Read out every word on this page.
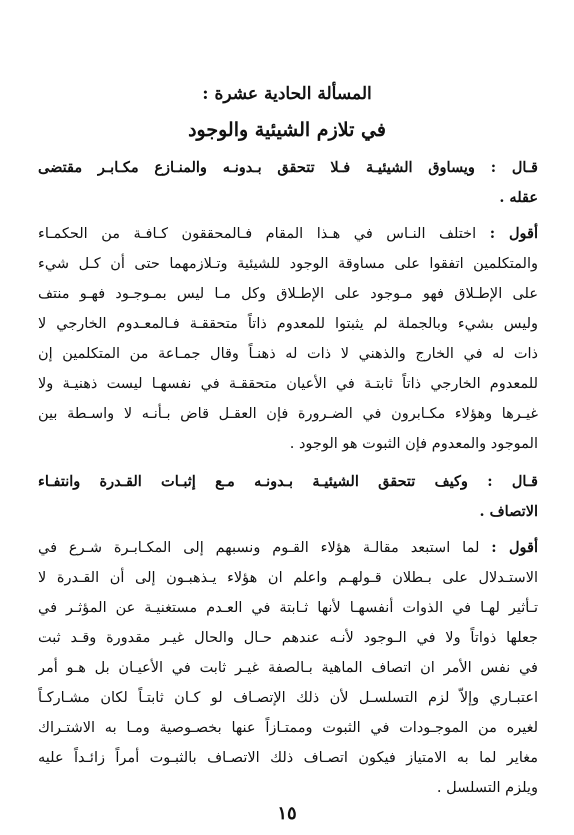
المسألة الحادية عشرة :
في تلازم الشيئية والوجود
قـال : ويساوق الشيئيـة فـلا تتحقق بـدونـه والمنـازع مكـابـر مقتضى
عقله .
أقول : اختلف النـاس في هـذا المقام فـالمحققون كـافـة من الحكمـاء
والمتكلمين اتفقوا على مساوقة الوجود للشيئية وتـلازمهما حتى أن كـل شيء
على الإطـلاق فهو مـوجود على الإطـلاق وكل مـا ليس بمـوجـود فهـو منتف
وليس بشيء وبالجملة لم يثبتوا للمعدوم ذاتاً متحققـة فـالمعـدوم الخارجي لا
ذات له في الخارج والذهني لا ذات له ذهنـاً وقال جمـاعة من المتكلمين إن
للمعدوم الخارجي ذاتاً ثابتـة في الأعيان متحققـة في نفسهـا ليست ذهنيـة ولا
غيـرها وهؤلاء مكـابرون في الضـرورة فإن العقـل قاض بـأنـه لا واسـطة بين
الموجود والمعدوم فإن الثبوت هو الوجود .
قـال : وكيف تتحقق الشيئيـة بـدونـه مـع إثبـات القـدرة وانتفـاء
الاتصاف .
أقول : لما استبعد مقالـة هؤلاء القـوم ونسبهم إلى المكـابـرة شـرع في
الاستـدلال على بـطلان قـولهـم واعلم ان هؤلاء يـذهبـون إلى أن القـدرة لا
تـأثير لهـا في الذوات أنفسهـا لأنها ثـابتة في العـدم مستغنيـة عن المؤثـر في
جعلها ذواتاً ولا في الـوجود لأنـه عندهم حـال والحال غيـر مقدورة وقـد ثبت
في نفس الأمر ان اتصاف الماهية بـالصفة غيـر ثابت في الأعيـان بل هـو أمر
اعتبـاري وإلاّ لزم التسلسـل لأن ذلك الإتصـاف لو كـان ثابتـاً لكان مشـاركـاً
لغيره من الموجـودات في الثبوت وممتـازاً عنها بخصـوصية ومـا به الاشتـراك
مغاير لما به الامتياز فيكون اتصـاف ذلك الاتصـاف بالثبـوت أمراً زائـداً عليه
ويلزم التسلسل .
١٥
